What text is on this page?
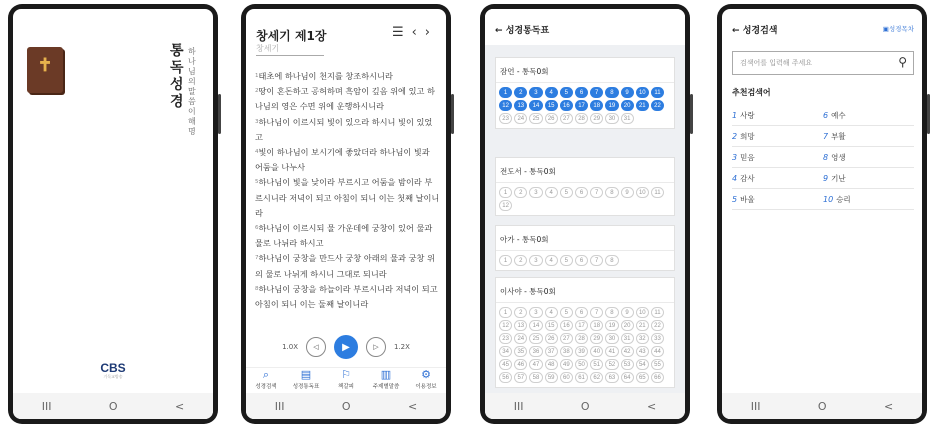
✝
통독성경
하나님의말씀이해명
CBS
기독교방송
III	O	<
창세기 제1장	☰‹›
창세기
$^1$태초에 하나님이 천지를 창조하시니라
$^2$땅이 혼돈하고 공허하며 흑암이 깊음 위에 있고 하나님의 영은 수면 위에 운행하시니라
$^3$하나님이 이르시되 빛이 있으라 하시니 빛이 있었고
$^4$빛이 하나님이 보시기에 좋았더라 하나님이 빛과 어둠을 나누사
$^5$하나님이 빛을 낮이라 부르시고 어둠을 밤이라 부르시니라 저녁이 되고 아침이 되니 이는 첫째 날이니라
$^6$하나님이 이르시되 물 가운데에 궁창이 있어 물과 물로 나뉘라 하시고
$^7$하나님이 궁창을 만드사 궁창 아래의 물과 궁창 위의 물로 나뉘게 하시니 그대로 되니라
$^8$하나님이 궁창을 하늘이라 부르시니라 저녁이 되고 아침이 되니 이는 둘째 날이니라

1.0X	◁	▶	▷	1.2X
⌕
성경검색
▤
성경통독표
⚐
책갈피
▥
주제별말씀
⚙
이용정보
III	O	<
← 성경통독표
잠언 - 통독0회
1	2	3	4	5	6	7	8	9	10	11
12	13	14	15	16	17	18	19	20	21	22
23	24	25	26	27	28	29	30	31
전도서 - 통독0회
1	2	3	4	5	6	7	8	9	10	11
12
아가 - 통독0회
1	2	3	4	5	6	7	8
이사야 - 통독0회
1	2	3	4	5	6	7	8	9	10	11
12	13	14	15	16	17	18	19	20	21	22
23	24	25	26	27	28	29	30	31	32	33
34	35	36	37	38	39	40	41	42	43	44
45	46	47	48	49	50	51	52	53	54	55
56	57	58	59	60	61	62	63	64	65	66
III	O	<
← 성경검색	▣성경목차
검색어를 입력해 주세요	⚲
추천검색어
1 사랑	6 예수
2 희망	7 부활
3 믿음	8 영생
4 감사	9 기난
5 바울	10 승리
III	O	<
